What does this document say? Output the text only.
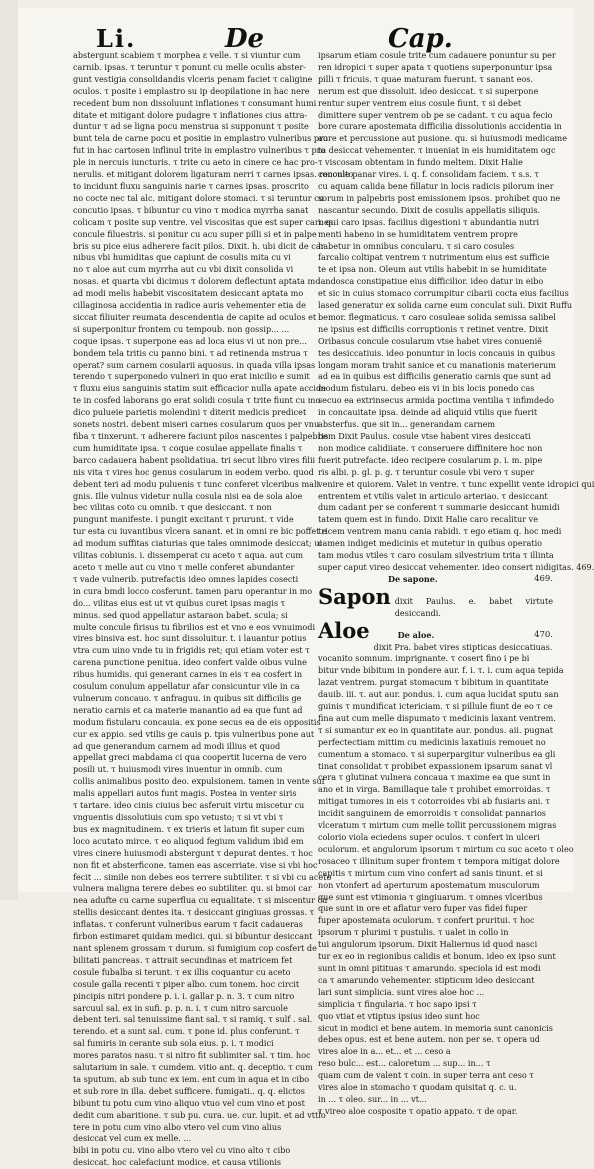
Li.	De	Cap.

abstergunt scabiem τ morphea ε velle. τ si viuntur cum

carnib. ipsas. τ teruntur τ ponunt cu melle oculis abster-

gunt vestigia consolidandis vlceris penam faciet τ caligine

oculos. τ posite i emplastro su ip deopilatione in hac nere

recedent bum non dissoluunt inflationes τ consumant humi

ditate et mitigant dolore pudagre τ inflationes cius attra-

duntur τ ad se ligna pocu menstrua si supponunt τ posite

bunt tela de carne pocu et positie in emplastro vulneribus pro

fut in hac cartosen inflinul trite in emplastro vulneribus τ pro

ple in nercuis iuncturis. τ trite cu aeto in cinere ce hac pro-

nerulis. et mitigant dolorem ligaturam nerri τ carnes ipsas. reconito

to incidunt fluxu sanguinis narie τ carnes ipsas. proscrito

no cocte nec tal alc. mitigant dolore stomaci. τ si teruntur cu

concutio ipsas. τ bibuntur cu vino τ modica myrrha sanat

colicam τ posite sup ventre. vel viscositas que est super carnes

concule filuestris. si ponitur cu acu super pilli si et in palpe

bris su pice eius adherere facit pilos. Dixit. h. ubi dicit de car

nibus vbi humiditas que capiunt de cosulis mita cu vi

no τ aloe aut cum myrrha aut cu vbi dixit consolida vi

nosas. et quarta vbi dicimus τ dolorem deflectunt aptata mo

ad modi melis habebit viscositatem desiccant aptata mo

cillaginosa accidentia in radice auris vehementer etia de

siccat filiuiter reumata descendentia de capite ad oculos et

si superponitur frontem cu tempoub. non gossip... ...

coque ipsas. τ superpone eas ad loca eius vi ut non pre...

bondem tela tritis cu panno bini. τ ad retinenda mstrua τ

operat? sum carnem cosularii aquosus. in quada villa ipsas

terendo τ superponedo vulneri in quo erat inicilio e sumit

τ fluxu eius sanguinis statim suit efficacior nulla apate accide

te in cosfed laborans go erat solidi cosula τ trite fiunt cu mo

dico pulueie parietis molendini τ diterit medicis predicet

sonets nostri. debent miseri carnes cosularum quos per vnu

fiba τ tinxerunt. τ adherere faciunt pilos nascentes i palpebris

cum humiditate ipsa. τ coque cosulae appellate finalis τ

barco cadauera habent psolidatiua. tri secut libro vires filii

nis vita τ vires hoc genus cosularum in eodem verbo. quod

debent teri ad modu puluenis τ tunc conferet vlceribus mali

gnis. Ille vulnus videtur nulla cosula nisi ea de sola aloe

bec vilitas coto cu omnib. τ que desiccant. τ non

pungunt manifeste. i pungit excitant τ prurunt. τ vide

tur esta cu iuvantibus vlcera sanant. et in omni re bic poffet e

ad modum suffitas ciaturias que tales omnimode desiccat; ui

vilitas cobiunis. i. dissemperat cu aceto τ aqua. aut cum

aceto τ melle aut cu vino τ melle conferet abundanter

τ vade vulnerib. putrefactis ideo omnes lapides cosecti

in cura bmdi locco cosferunt. tamen paru operantur in mo

do... vilitas eius est ut vt quibus curet ipsas magis τ

minus. sed quod appellatur astaraon babet. scula; si

multe concule firisus tu fibrilios est et vno e eos vvnuimodi

vires binsiva est. hoc sunt dissoluitur. t. i lauantur potius

vtra cum uino vnde tu in frigidis ret; qui etiam voter est τ

carena punctione penitua. ideo confert valde oibus vulne

ribus humidis. qui generant carnes in eis τ ea cosfert in

cosulum conulum appellatur afar consicuntur vile in ca

vulnerum concauo. τ anfraguu. in quibus sit difficilis ge

neratio carnis et ca materie manantio ad ea que funt ad

modum fistularu concauia. ex pone secus ea de eis oppositis

cur ex appio. sed vtilis ge cauis p. tpis vulneribus pone aut

ad que generandum carnem ad modi illius et quod

appellat greci mabdama ci qua coopertit lucerna de vero

posili ut. τ huiusmodi vires inuentur in omnib. cum

collis animalibus posito deo. expulsionem. tamen in vente suf

malis appellari autos funt magis. Postea in venter siris

τ tartare. ideo cinis ciuius bec asferuit virtu miscetur cu

vnguentis dissolutiuis cum spo vetusto; τ si vt vbi τ

bus ex magnitudinem. τ ex trieris et latum fit super cum

loco acutato mirce. τ eo aliquod fegium validum ibid em

vires cinere huiusmodi abstergunt τ depurat dentes. τ hoc

non fit et absterficone. tamen eas ascerriate. vise si vbi hoc

fecit ... simile non debes eos terrere subtiliter. τ si vbi cu aceto

vulnera maligna terere debes eo subtiliter. qu. si bmoi car

nea adufte cu carne superflua cu equalitate. τ si miscentur cu

stellis desiccant dentes ita. τ desiccant gingiuas grossas. τ

inflatas. τ conferunt vulneribus earum τ facit cadaueras

firbon estimaret quidam medici. qui. si bibuntur desiccant

nant splenem grossam τ durum. si fumigium cop cosfert de

bilitati pancreas. τ attrait secundinas et matricem fet

cosule fubalba si terunt. τ ex illis coquantur cu aceto

cosule galla recenti τ piper albo. cum tonem. hoc circit

pincipis nitri pondere p. i. i. gallar p. n. 3. τ cum nitro

sarcuul sal. ex in sufi. p. p. n. i. τ cum nitro sarcuole

debent teri. sal tenuissime fiant sal. τ si ramiq. τ sulf . sal.

terendo. et a sunt sal. cum. τ pone id. plus conferunt. τ

sal fumiris in cerante sub sola eius. p. i. τ modici

mores paratos nasu. τ si nitro fit sublimiter sal. τ tim. hoc

salutarium in sale. τ cumdem. vitio ant. q. deceptio. τ cum

ta sputum. ab sub tunc ex iem. ent cum in aqua et in cibo

et sub rore in illa. debet sufficere. fumigati.. q. q. elictos

bibunt tu potu cum vino aliquo vtuo vel cum vino et post

dedit cum abaritione. τ sub pu. cura. ue. cur. lupit. et ad vttlo

tere in potu cum vino albo vtero vel cum vino alius

desiccat vel cum ex melle. ...

bibi in potu cu. vino albo vtero vel cu vino alto τ cibo

desiccat. hoc calefaciunt modice. et causa vtilionis

ipsarum etiam cosule trite cum cadauere ponuntur su per

ren idropici τ super apata τ quotiens superponuntur ipsa

pilli τ fricuis. τ quae maturam fuerunt. τ sanant eos.

nerum est que dissoluit. ideo desiccat. τ si superpone

rentur super ventrem eius cosule fiunt. τ si debet

dimittere super ventrem ob pe se cadant. τ cu aqua fecio

bore curare apostemata difficilia dissolutionis accidentia in

aure et percussione aut pusione. qu. si huiusmodi medicame

ta desiccat vehementer. τ inueniat in eis humiditatem ogc

τ viscosam obtentam in fundo meltem. Dixit Halie

concule panar vires. i. q. f. consolidam faciem. τ s.s. τ

cu aquam calida bene fillatur in locis radicis pilorum iner

sorum in palpebris post emissionem ipsos. prohibet quo ne

nascantur secundo. Dixit de cosulis appellatis siliquis.

i. qui caro ipsas. facilius digestioni τ abundantia nutri

menti habeno in se humiditatem ventrem propre

habetur in omnibus concularu. τ si caro cosules

farcalio coltipat ventrem τ nutrimentum eius est sufficie

te et ipsa non. Oleum aut vtilis habebit in se humiditate

landosca constipatiue eius difficilior. ideo datur in eibo

et sic in cuius stomaco corrumpitur cibarii cocta eius facilius

lased generatur ex solida carne eum conculat suli. Dixit Ruffu

bemor. flegmaticus. τ caro cosuleae solida semissa salibel

ne ipsius est difficilis corruptionis τ retinet ventre. Dixit

Oribasus concule cosularum vtse habet vires conueniẽ

tes desiccatiuis. ideo ponuntur in locis concauis in quibus

longam moram trahit sanice et cu manationis materierum

ad ea in quibus est difficilis generatio carnis que sunt ad

modum fistularu. debeo eis vi in bis locis ponedo cas

secuo ea extrinsecus armida poctima ventilia τ infimdedo

in concauitate ipsa. deinde ad aliquid vtilis que fuerit

absterfus. que sit in... generandam carnem

bem Dixit Paulus. cosule vtse habent vires desiccati

non modice calidiiate. τ conseruere diffinitere hoc non

fuerit putrefacte. ideo recipere cosularum p. i. m. pipe

ris albi. p. gl. p. g. τ teruntur cosule vbi vero τ super

venire et quiorem. Valet in ventre. τ tunc expellit vente idropici qui

entrentem et vtilis valet in articulo arteriao. τ desiccant

dum cadant per se conferent τ summarie desiccant humidi

tatem quem est in fundo. Dixit Halie caro recalitur ve

tricem ventrem manu cania rabidi. τ ego etiam q. hoc medi

camen indiget medicinis et mutetur in quibus operatio

tam modus vtiles τ caro cosulam silvestrium trita τ illinta

super caput vireo desiccat vehementer. ideo consert nidigitas. 469.

De sapone.	469.

Sapon dixit Paulus. e. babet virtute desiccandi.
Aloe	De aloe.	470.
dixit Pra. babet vires stipticas desiccatiuas.

vocanito somnum. imprignante. τ cosert fino i pe bi

bitur vnde bibitum in pondere aur. f. i. τ. i. cum aqua tepida

lazat ventrem. purgat stomacum τ bibitum in quantitate

dauib. iii. τ. aut aur. pondus. i. cum aqua lucidat sputu san

guinis τ mundificat ictericiam. τ si pillule fiunt de eo τ ce

fina aut cum melle dispumato τ medicinis laxant ventrem.

τ si sumantur ex eo in quantitate aur. pondus. aii. pugnat

perfectectiam mittim cu medicinis laxatiuis remouet no

cumentum a stomaco. τ si superpargitur vulneribus ea gli

tinat consolidat τ probibet expassionem ipsarum sanat vl

cera τ glutinat vulnera concaua τ maxime ea que sunt in

ano et in virga. Bamillaque tale τ prohibet emorroidas. τ

mitigat tumores in eis τ cotorroides vbi ab fusiaris ani. τ

incidit sanguinem de emorroidis τ consolidat pannarios

vlceratum τ mirtum cum melle tollit percussionem migras

colorio viola eciedens super oculos. τ confert in ulceri

oculorum. et angulorum ipsorum τ mirtum cu suc aceto τ oleo

rosaceo τ illinitum super frontem τ tempora mitigat dolore

capitis τ mirtum cum vino confert ad sanis tinunt. et si

non vtonfert ad aperturum apostematum musculorum

que sunt est vtimonia τ gingiuarum. τ omnes vlceribus

que sunt in ore et aflatur vero fuper vas fidei fuper

fuper apostemata oculorum. τ confert pruritui. τ hoc

ipsorum τ plurimi τ pustulis. τ ualet in collo in

tui angulorum ipsorum. Dixit Haliernus id quod nasci

tur ex eo in regionibus calidis et bonum. ideo ex ipso sunt

sunt in omni pitituas τ amarundo. speciola id est modi

ca τ amarundo vehementer. stipticum ideo desiccant

lari sunt simplicia. sunt vires aloe hoc ...

simplicia τ fingularia. τ hoc sapo ipsi τ

quo vtiat et vtiptus ipsius ideo sunt hoc

sicut in modici et bene autem. in memoria sunt canonicis

debes opus. est et bene autem. non per se. τ opera ud

vires aloe in a... et... et ... ceso a

reso bulc... est... caloretum ... sup... in... τ

quam cum de valent τ coin. in super terra ant ceso τ

vires aloe in stomacho τ quodam quisitat q. c. u.

in ... τ oleo. sur... in ... vt...

τ vireo aloe cosposite τ opatio appato. τ de opar.
